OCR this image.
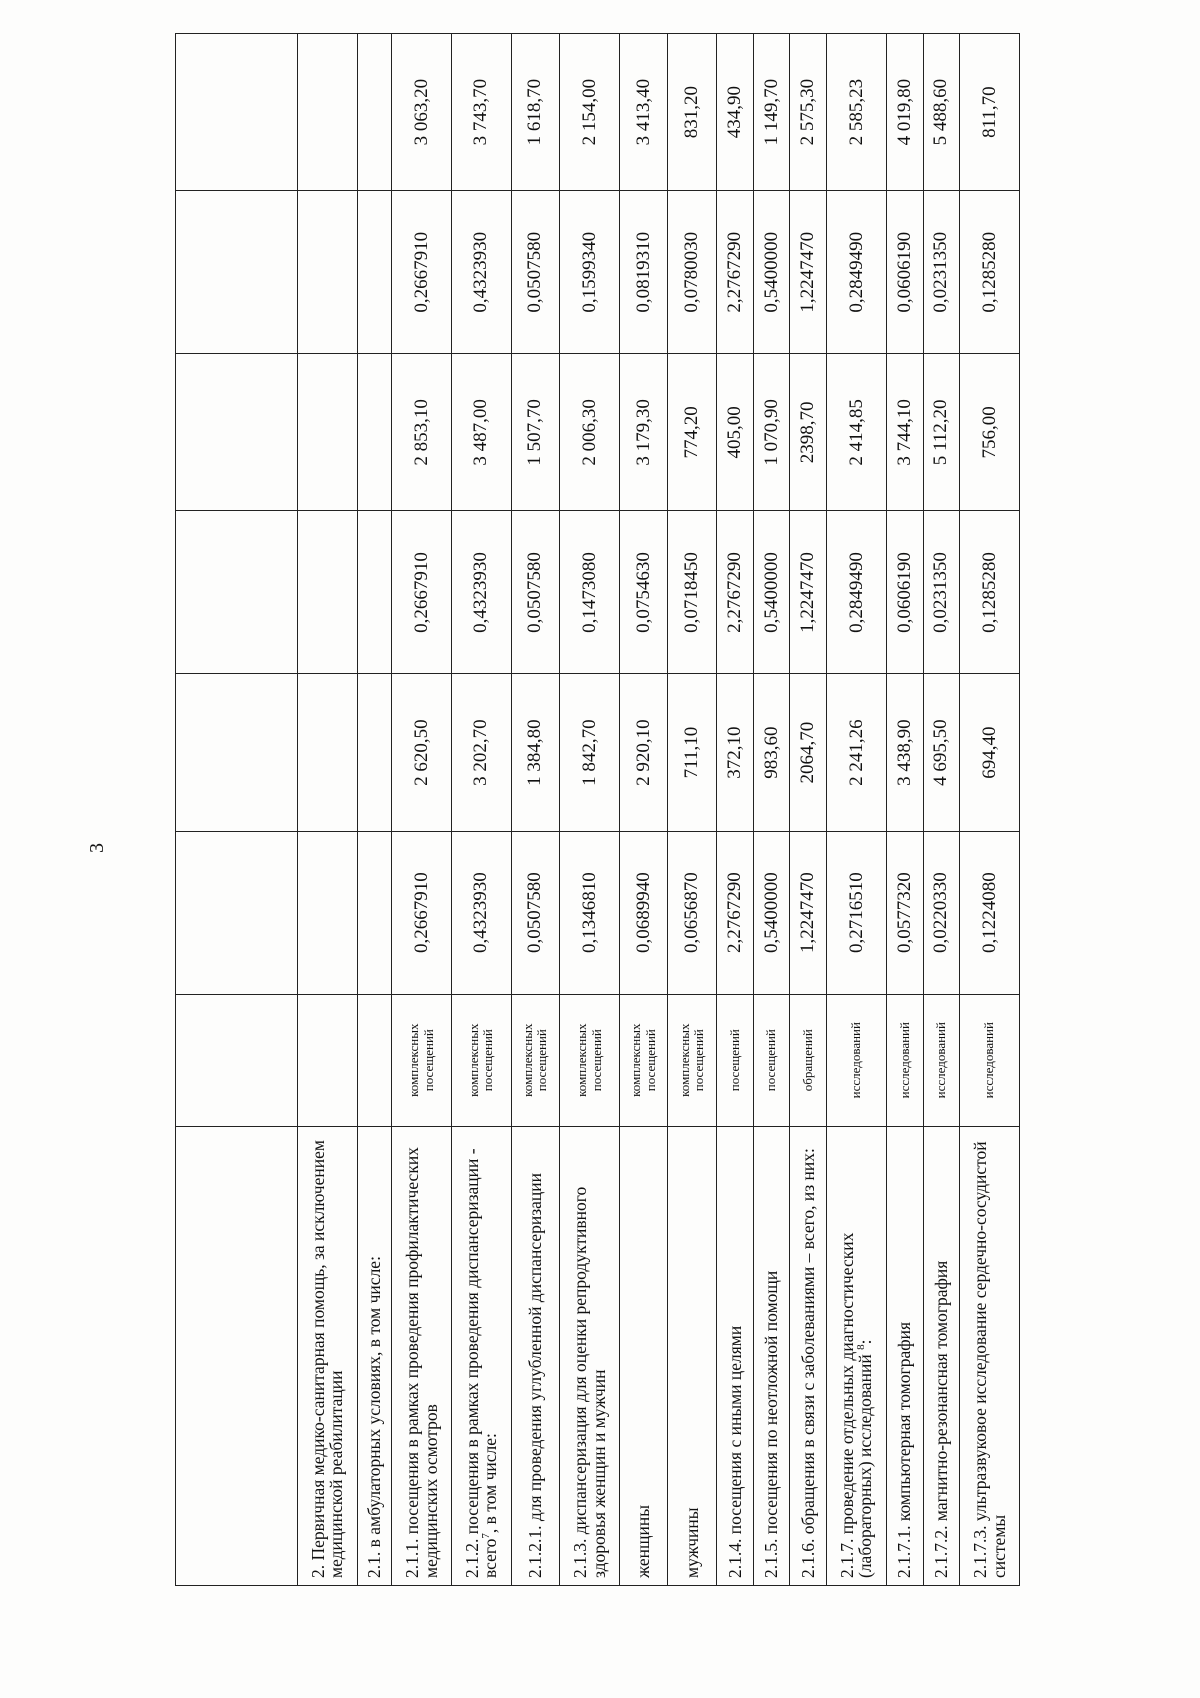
3

2. Первичная медико-санитарная помощь, за исключением медицинской реабилитации							
2.1. в амбулаторных условиях, в том числе:							
2.1.1. посещения в рамках проведения профилактических медицинских осмотров	комплексных посещений	0,2667910	2 620,50	0,2667910	2 853,10	0,2667910	3 063,20
2.1.2. посещения в рамках проведения диспансеризации - всего$^7$, в том числе:	комплексных посещений	0,4323930	3 202,70	0,4323930	3 487,00	0,4323930	3 743,70
2.1.2.1. для проведения углубленной диспансеризации	комплексных посещений	0,0507580	1 384,80	0,0507580	1 507,70	0,0507580	1 618,70
2.1.3. диспансеризация для оценки репродуктивного здоровья женщин и мужчин	комплексных посещений	0,1346810	1 842,70	0,1473080	2 006,30	0,1599340	2 154,00
женщины	комплексных посещений	0,0689940	2 920,10	0,0754630	3 179,30	0,0819310	3 413,40
мужчины	комплексных посещений	0,0656870	711,10	0,0718450	774,20	0,0780030	831,20
2.1.4. посещения с иными целями	посещений	2,2767290	372,10	2,2767290	405,00	2,2767290	434,90
2.1.5. посещения по неотложной помощи	посещений	0,5400000	983,60	0,5400000	1 070,90	0,5400000	1 149,70
2.1.6. обращения в связи с заболеваниями – всего, из них:	обращений	1,2247470	2064,70	1,2247470	2398,70	1,2247470	2 575,30
2.1.7. проведение отдельных диагностических (лабораторных) исследований $^8$:	исследований	0,2716510	2 241,26	0,2849490	2 414,85	0,2849490	2 585,23
2.1.7.1. компьютерная томография	исследований	0,0577320	3 438,90	0,0606190	3 744,10	0,0606190	4 019,80
2.1.7.2. магнитно-резонансная томография	исследований	0,0220330	4 695,50	0,0231350	5 112,20	0,0231350	5 488,60
2.1.7.3. ультразвуковое исследование сердечно-сосудистой системы	исследований	0,1224080	694,40	0,1285280	756,00	0,1285280	811,70
